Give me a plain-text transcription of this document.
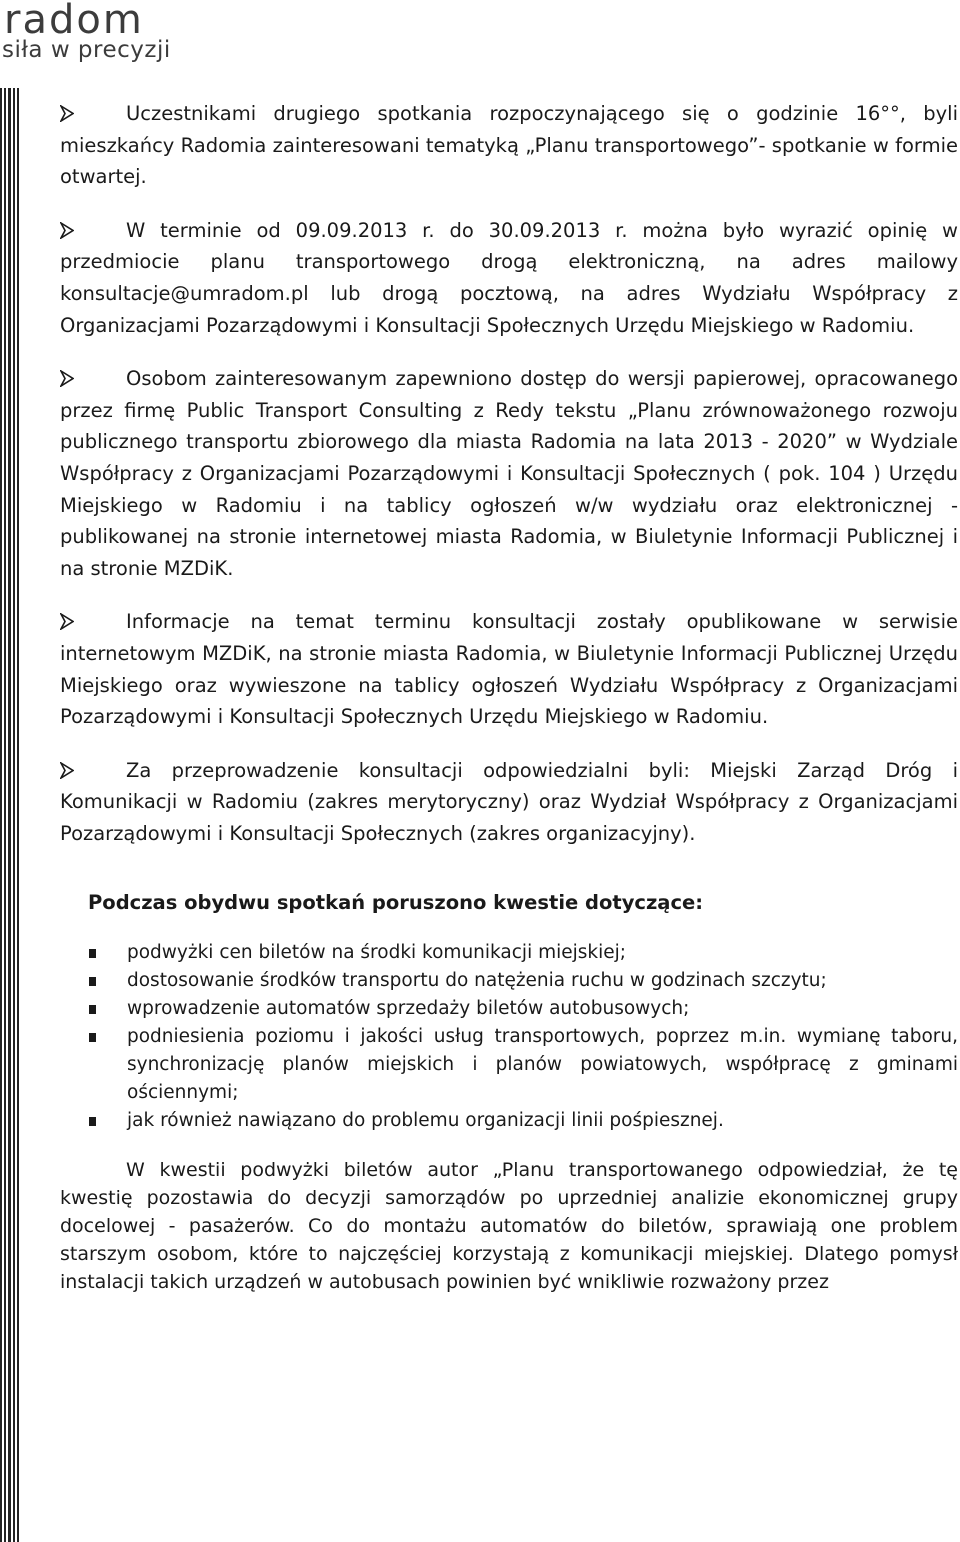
radom
siła w precyzji
Uczestnikami drugiego spotkania rozpoczynającego się o godzinie 16°°, byli mieszkańcy Radomia zainteresowani tematyką „Planu transportowego”- spotkanie w formie otwartej.
W terminie od 09.09.2013 r. do 30.09.2013 r. można było wyrazić opinię w przedmiocie planu transportowego drogą elektroniczną, na adres mailowy konsultacje@umradom.pl lub drogą pocztową, na adres Wydziału Współpracy z Organizacjami Pozarządowymi i Konsultacji Społecznych Urzędu Miejskiego w Radomiu.
Osobom zainteresowanym zapewniono dostęp do wersji papierowej, opracowanego przez firmę Public Transport Consulting z Redy tekstu „Planu zrównoważonego rozwoju publicznego transportu zbiorowego dla miasta Radomia na lata 2013 - 2020” w Wydziale Współpracy z Organizacjami Pozarządowymi i Konsultacji Społecznych ( pok. 104 ) Urzędu Miejskiego w Radomiu i na tablicy ogłoszeń w/w wydziału oraz elektronicznej - publikowanej na stronie internetowej miasta Radomia, w Biuletynie Informacji Publicznej i na stronie MZDiK.
Informacje na temat terminu konsultacji zostały opublikowane w serwisie internetowym MZDiK, na stronie miasta Radomia, w Biuletynie Informacji Publicznej Urzędu Miejskiego oraz wywieszone na tablicy ogłoszeń Wydziału Współpracy z Organizacjami Pozarządowymi i Konsultacji Społecznych Urzędu Miejskiego w Radomiu.
Za przeprowadzenie konsultacji odpowiedzialni byli: Miejski Zarząd Dróg i Komunikacji w Radomiu (zakres merytoryczny) oraz Wydział Współpracy z Organizacjami Pozarządowymi i Konsultacji Społecznych (zakres organizacyjny).
Podczas obydwu spotkań poruszono kwestie dotyczące:
podwyżki cen biletów na środki komunikacji miejskiej;
dostosowanie środków transportu do natężenia ruchu w godzinach szczytu;
wprowadzenie automatów sprzedaży biletów autobusowych;
podniesienia poziomu i jakości usług transportowych, poprzez m.in. wymianę taboru, synchronizację planów miejskich i planów powiatowych, współpracę z gminami ościennymi;
jak również nawiązano do problemu organizacji linii pośpiesznej.
W kwestii podwyżki biletów autor „Planu transportowanego odpowiedział, że tę kwestię pozostawia do decyzji samorządów po uprzedniej analizie ekonomicznej grupy docelowej - pasażerów. Co do montażu automatów do biletów, sprawiają one problem starszym osobom, które to najczęściej korzystają z komunikacji miejskiej. Dlatego pomysł instalacji takich urządzeń w autobusach powinien być wnikliwie rozważony przez
